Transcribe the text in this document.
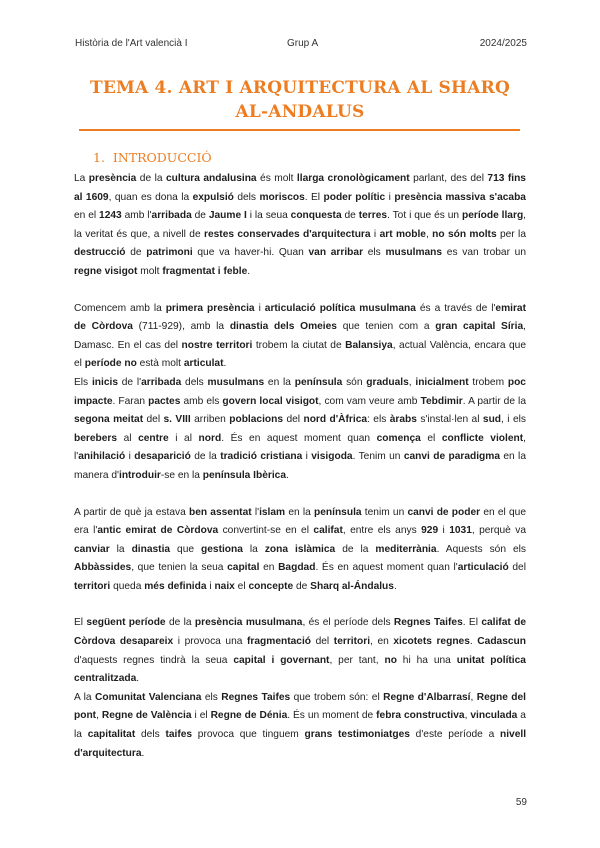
Història de l'Art valencià I	Grup A	2024/2025
TEMA 4. ART I ARQUITECTURA AL SHARQ
AL-ANDALUS
1. INTRODUCCIÓ

La presència de la cultura andalusina és molt llarga cronològicament parlant, des del 713 fins al 1609, quan es dona la expulsió dels moriscos. El poder polític i presència massiva s'acaba en el 1243 amb l'arribada de Jaume I i la seua conquesta de terres. Tot i que és un període llarg, la veritat és que, a nivell de restes conservades d'arquitectura i art moble, no són molts per la destrucció de patrimoni que va haver-hi. Quan van arribar els musulmans es van trobar un regne visigot molt fragmentat i feble.

Comencem amb la primera presència i articulació política musulmana és a través de l'emirat de Còrdova (711-929), amb la dinastia dels Omeies que tenien com a gran capital Síria, Damasc. En el cas del nostre territori trobem la ciutat de Balansiya, actual València, encara que el període no està molt articulat.

Els inicis de l'arribada dels musulmans en la península són graduals, inicialment trobem poc impacte. Faran pactes amb els govern local visigot, com vam veure amb Tebdimir. A partir de la segona meitat del s. VIII arriben poblacions del nord d'Àfrica: els àrabs s'instal·len al sud, i els berebers al centre i al nord. És en aquest moment quan comença el conflicte violent, l'anihilació i desaparició de la tradició cristiana i visigoda. Tenim un canvi de paradigma en la manera d'introduir-se en la península Ibèrica.

A partir de què ja estava ben assentat l'islam en la península tenim un canvi de poder en el que era l'antic emirat de Còrdova convertint-se en el califat, entre els anys 929 i 1031, perquè va canviar la dinastia que gestiona la zona islàmica de la mediterrània. Aquests són els Abbàssides, que tenien la seua capital en Bagdad. És en aquest moment quan l'articulació del territori queda més definida i naix el concepte de Sharq al-Ándalus.

El següent període de la presència musulmana, és el període dels Regnes Taifes. El califat de Còrdova desapareix i provoca una fragmentació del territori, en xicotets regnes. Cadascun d'aquests regnes tindrà la seua capital i governant, per tant, no hi ha una unitat política centralitzada.

A la Comunitat Valenciana els Regnes Taifes que trobem són: el Regne d'Albarrasí, Regne del pont, Regne de València i el Regne de Dénia. És un moment de febra constructiva, vinculada a la capitalitat dels taifes provoca que tinguem grans testimoniatges d'este període a nivell d'arquitectura.

59
